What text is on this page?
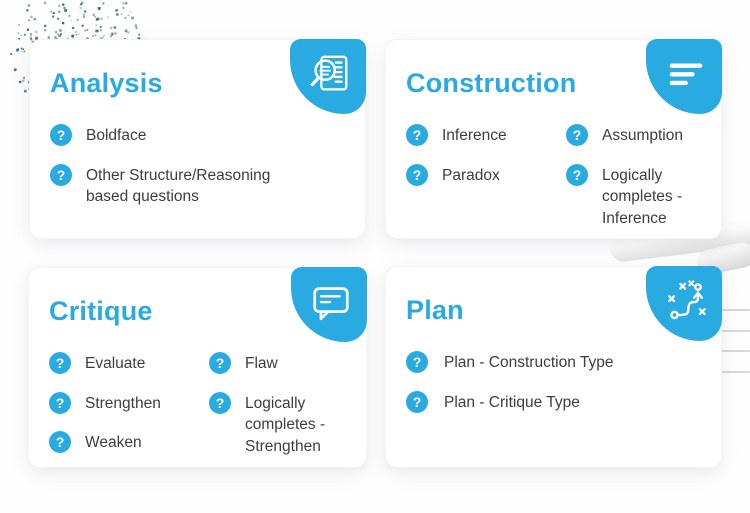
Analysis
?	Boldface
?	Other Structure/Reasoning based questions
Construction
?	Inference
?	Paradox
?	Assumption
?	Logically completes - Inference
Critique
?	Evaluate
?	Strengthen
?	Weaken
?	Flaw
?	Logically completes - Strengthen
Plan
?	Plan - Construction Type
?	Plan - Critique Type
